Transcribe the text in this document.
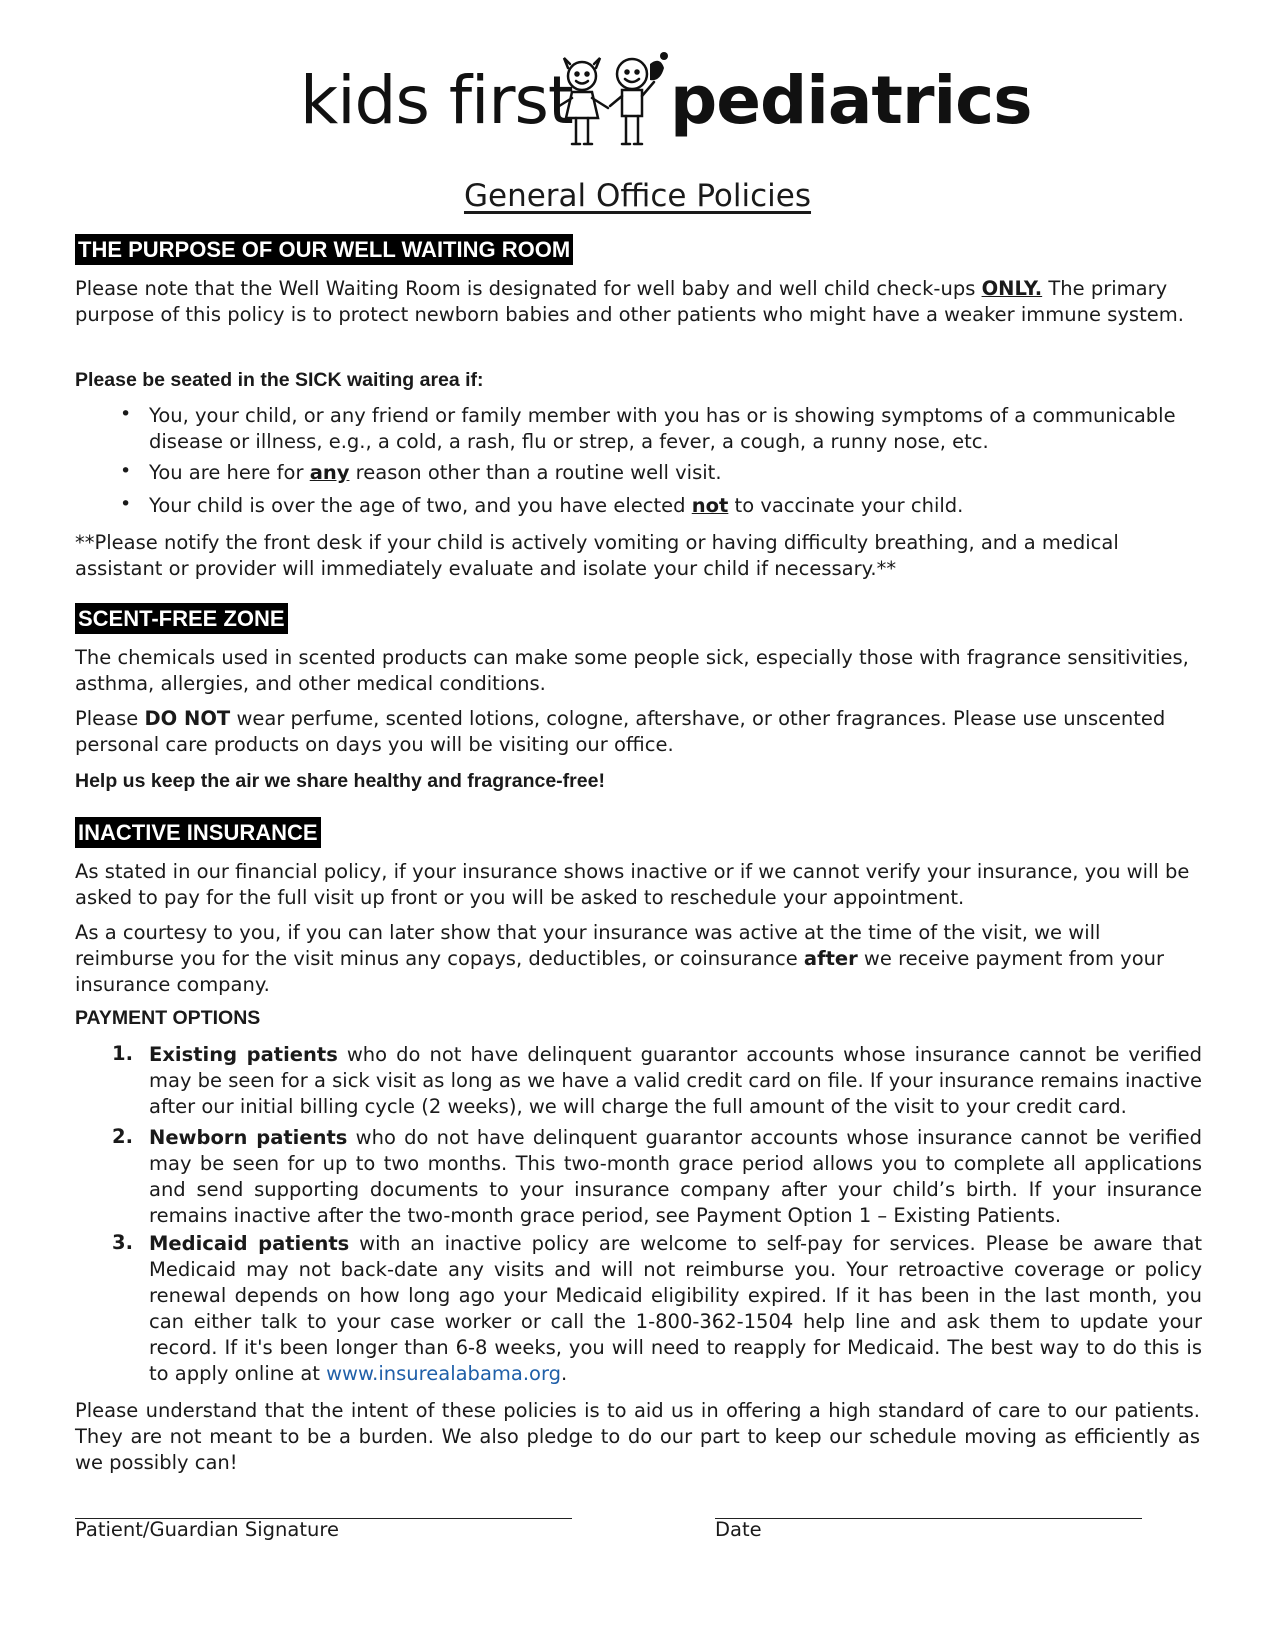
kids first pediatrics
General Office Policies
THE PURPOSE OF OUR WELL WAITING ROOM

Please note that the Well Waiting Room is designated for well baby and well child check-ups ONLY. The primary purpose of this policy is to protect newborn babies and other patients who might have a weaker immune system.

Please be seated in the SICK waiting area if:

• You, your child, or any friend or family member with you has or is showing symptoms of a communicable disease or illness, e.g., a cold, a rash, flu or strep, a fever, a cough, a runny nose, etc.

• You are here for any reason other than a routine well visit.

• Your child is over the age of two, and you have elected not to vaccinate your child.

**Please notify the front desk if your child is actively vomiting or having difficulty breathing, and a medical assistant or provider will immediately evaluate and isolate your child if necessary.**

SCENT-FREE ZONE

The chemicals used in scented products can make some people sick, especially those with fragrance sensitivities, asthma, allergies, and other medical conditions.

Please DO NOT wear perfume, scented lotions, cologne, aftershave, or other fragrances. Please use unscented personal care products on days you will be visiting our office.

Help us keep the air we share healthy and fragrance-free!

INACTIVE INSURANCE

As stated in our financial policy, if your insurance shows inactive or if we cannot verify your insurance, you will be asked to pay for the full visit up front or you will be asked to reschedule your appointment.

As a courtesy to you, if you can later show that your insurance was active at the time of the visit, we will reimburse you for the visit minus any copays, deductibles, or coinsurance after we receive payment from your insurance company.

PAYMENT OPTIONS

1. Existing patients who do not have delinquent guarantor accounts whose insurance cannot be verified may be seen for a sick visit as long as we have a valid credit card on file. If your insurance remains inactive after our initial billing cycle (2 weeks), we will charge the full amount of the visit to your credit card.

2. Newborn patients who do not have delinquent guarantor accounts whose insurance cannot be verified may be seen for up to two months. This two-month grace period allows you to complete all applications and send supporting documents to your insurance company after your child’s birth. If your insurance remains inactive after the two-month grace period, see Payment Option 1 – Existing Patients.

3. Medicaid patients with an inactive policy are welcome to self-pay for services. Please be aware that Medicaid may not back-date any visits and will not reimburse you. Your retroactive coverage or policy renewal depends on how long ago your Medicaid eligibility expired. If it has been in the last month, you can either talk to your case worker or call the 1-800-362-1504 help line and ask them to update your record. If it's been longer than 6-8 weeks, you will need to reapply for Medicaid. The best way to do this is to apply online at www.insurealabama.org.

Please understand that the intent of these policies is to aid us in offering a high standard of care to our patients. They are not meant to be a burden. We also pledge to do our part to keep our schedule moving as efficiently as we possibly can!

Patient/Guardian Signature	Date
